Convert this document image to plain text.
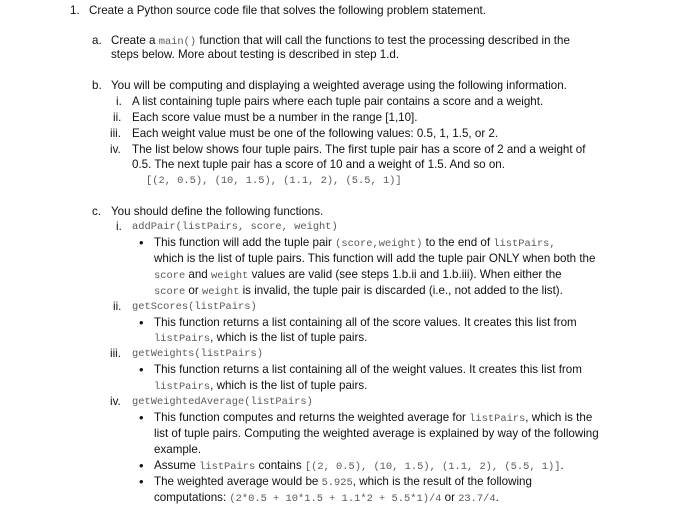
1. Create a Python source code file that solves the following problem statement.
a. Create a main() function that will call the functions to test the processing described in the
steps below. More about testing is described in step 1.d.
b. You will be computing and displaying a weighted average using the following information.
i. A list containing tuple pairs where each tuple pair contains a score and a weight.
ii. Each score value must be a number in the range [1,10].
iii. Each weight value must be one of the following values: 0.5, 1, 1.5, or 2.
iv. The list below shows four tuple pairs. The first tuple pair has a score of 2 and a weight of
0.5. The next tuple pair has a score of 10 and a weight of 1.5. And so on.
[(2, 0.5), (10, 1.5), (1.1, 2), (5.5, 1)]
c. You should define the following functions.
i. addPair(listPairs, score, weight)
• This function will add the tuple pair (score,weight) to the end of listPairs,
which is the list of tuple pairs. This function will add the tuple pair ONLY when both the
score and weight values are valid (see steps 1.b.ii and 1.b.iii). When either the
score or weight is invalid, the tuple pair is discarded (i.e., not added to the list).
ii. getScores(listPairs)
• This function returns a list containing all of the score values. It creates this list from
listPairs, which is the list of tuple pairs.
iii. getWeights(listPairs)
• This function returns a list containing all of the weight values. It creates this list from
listPairs, which is the list of tuple pairs.
iv. getWeightedAverage(listPairs)
• This function computes and returns the weighted average for listPairs, which is the
list of tuple pairs. Computing the weighted average is explained by way of the following
example.
• Assume listPairs contains [(2, 0.5), (10, 1.5), (1.1, 2), (5.5, 1)].
• The weighted average would be 5.925, which is the result of the following
computations: (2*0.5 + 10*1.5 + 1.1*2 + 5.5*1)/4 or 23.7/4.
